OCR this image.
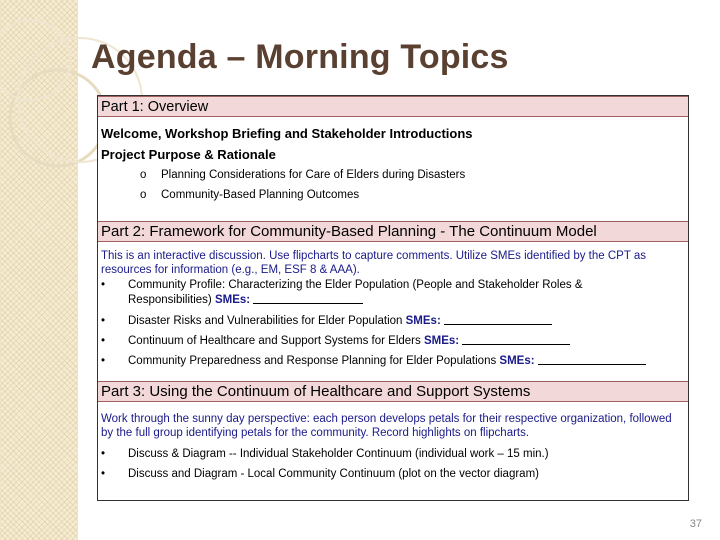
Agenda – Morning Topics
Part 1: Overview
Welcome, Workshop Briefing and Stakeholder Introductions
Project Purpose & Rationale
o Planning Considerations for Care of Elders during Disasters
o Community-Based Planning Outcomes
Part 2: Framework for Community-Based Planning - The Continuum Model
This is an interactive discussion. Use flipcharts to capture comments. Utilize SMEs identified by the CPT as resources for information (e.g., EM, ESF 8 & AAA).
• Community Profile: Characterizing the Elder Population (People and Stakeholder Roles &
Responsibilities) SMEs:
• Disaster Risks and Vulnerabilities for Elder Population SMEs:
• Continuum of Healthcare and Support Systems for Elders SMEs:
• Community Preparedness and Response Planning for Elder Populations SMEs:
Part 3: Using the Continuum of Healthcare and Support Systems
Work through the sunny day perspective: each person develops petals for their respective organization, followed by the full group identifying petals for the community. Record highlights on flipcharts.
• Discuss & Diagram -- Individual Stakeholder Continuum (individual work – 15 min.)
• Discuss and Diagram - Local Community Continuum (plot on the vector diagram)
37
